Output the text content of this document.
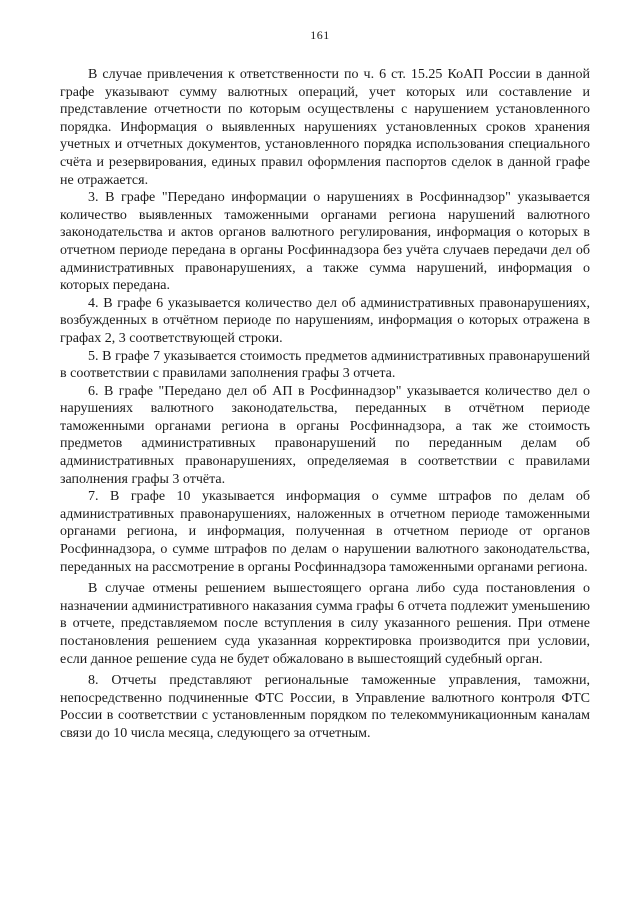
161

В случае привлечения к ответственности по ч. 6 ст. 15.25 КоАП России в данной графе указывают сумму валютных операций, учет которых или составление и представление отчетности по которым осуществлены с нарушением установленного порядка. Информация о выявленных нарушениях установленных сроков хранения учетных и отчетных документов, установленного порядка использования специального счёта и резервирования, единых правил оформления паспортов сделок в данной графе не отражается.

3. В графе "Передано информации о нарушениях в Росфиннадзор" указывается количество выявленных таможенными органами региона нарушений валютного законодательства и актов органов валютного регулирования, информация о которых в отчетном периоде передана в органы Росфиннадзора без учёта случаев передачи дел об административных правонарушениях, а также сумма нарушений, информация о которых передана.

4. В графе 6 указывается количество дел об административных правонарушениях, возбужденных в отчётном периоде по нарушениям, информация о которых отражена в графах 2, 3 соответствующей строки.

5. В графе 7 указывается стоимость предметов административных правонарушений в соответствии с правилами заполнения графы 3 отчета.

6. В графе "Передано дел об АП в Росфиннадзор" указывается количество дел о нарушениях валютного законодательства, переданных в отчётном периоде таможенными органами региона в органы Росфиннадзора, а так же стоимость предметов административных правонарушений по переданным делам об административных правонарушениях, определяемая в соответствии с правилами заполнения графы 3 отчёта.

7. В графе 10 указывается информация о сумме штрафов по делам об административных правонарушениях, наложенных в отчетном периоде таможенными органами региона, и информация, полученная в отчетном периоде от органов Росфиннадзора, о сумме штрафов по делам о нарушении валютного законодательства, переданных на рассмотрение в органы Росфиннадзора таможенными органами региона.

В случае отмены решением вышестоящего органа либо суда постановления о назначении административного наказания сумма графы 6 отчета подлежит уменьшению в отчете, представляемом после вступления в силу указанного решения. При отмене постановления решением суда указанная корректировка производится при условии, если данное решение суда не будет обжаловано в вышестоящий судебный орган.

8. Отчеты представляют региональные таможенные управления, таможни, непосредственно подчиненные ФТС России, в Управление валютного контроля ФТС России в соответствии с установленным порядком по телекоммуникационным каналам связи до 10 числа месяца, следующего за отчетным.
